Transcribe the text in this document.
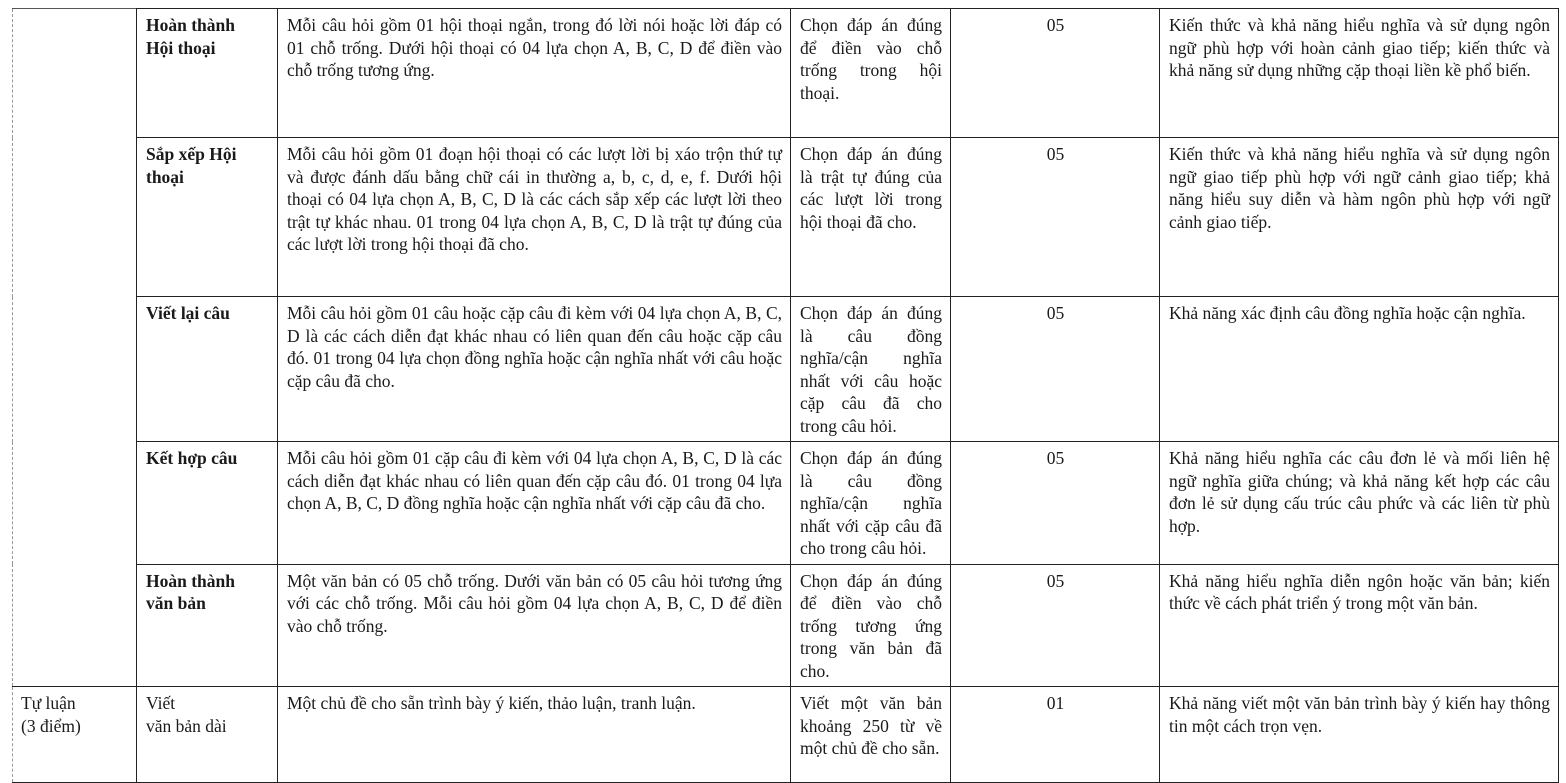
	Hoàn thành
Hội thoại	Mỗi câu hỏi gồm 01 hội thoại ngắn, trong đó lời nói hoặc lời đáp có 01 chỗ trống. Dưới hội thoại có 04 lựa chọn A, B, C, D để điền vào chỗ trống tương ứng.	Chọn đáp án đúng để điền vào chỗ trống trong hội thoại.	05	Kiến thức và khả năng hiểu nghĩa và sử dụng ngôn ngữ phù hợp với hoàn cảnh giao tiếp; kiến thức và khả năng sử dụng những cặp thoại liền kề phổ biến.

	Sắp xếp Hội
thoại	Mỗi câu hỏi gồm 01 đoạn hội thoại có các lượt lời bị xáo trộn thứ tự và được đánh dấu bằng chữ cái in thường a, b, c, d, e, f. Dưới hội thoại có 04 lựa chọn A, B, C, D là các cách sắp xếp các lượt lời theo trật tự khác nhau. 01 trong 04 lựa chọn A, B, C, D là trật tự đúng của các lượt lời trong hội thoại đã cho.	Chọn đáp án đúng là trật tự đúng của các lượt lời trong hội thoại đã cho.	05	Kiến thức và khả năng hiểu nghĩa và sử dụng ngôn ngữ giao tiếp phù hợp với ngữ cảnh giao tiếp; khả năng hiểu suy diễn và hàm ngôn phù hợp với ngữ cảnh giao tiếp.

	Viết lại câu	Mỗi câu hỏi gồm 01 câu hoặc cặp câu đi kèm với 04 lựa chọn A, B, C, D là các cách diễn đạt khác nhau có liên quan đến câu hoặc cặp câu đó. 01 trong 04 lựa chọn đồng nghĩa hoặc cận nghĩa nhất với câu hoặc cặp câu đã cho.	Chọn đáp án đúng là câu đồng nghĩa/cận nghĩa nhất với câu hoặc cặp câu đã cho trong câu hỏi.	05	Khả năng xác định câu đồng nghĩa hoặc cận nghĩa.

	Kết hợp câu	Mỗi câu hỏi gồm 01 cặp câu đi kèm với 04 lựa chọn A, B, C, D là các cách diễn đạt khác nhau có liên quan đến cặp câu đó. 01 trong 04 lựa chọn A, B, C, D đồng nghĩa hoặc cận nghĩa nhất với cặp câu đã cho.	Chọn đáp án đúng là câu đồng nghĩa/cận nghĩa nhất với cặp câu đã cho trong câu hỏi.	05	Khả năng hiểu nghĩa các câu đơn lẻ và mối liên hệ ngữ nghĩa giữa chúng; và khả năng kết hợp các câu đơn lẻ sử dụng cấu trúc câu phức và các liên từ phù hợp.

	Hoàn thành
văn bản	Một văn bản có 05 chỗ trống. Dưới văn bản có 05 câu hỏi tương ứng với các chỗ trống. Mỗi câu hỏi gồm 04 lựa chọn A, B, C, D để điền vào chỗ trống.	Chọn đáp án đúng để điền vào chỗ trống tương ứng trong văn bản đã cho.	05	Khả năng hiểu nghĩa diễn ngôn hoặc văn bản; kiến thức về cách phát triển ý trong một văn bản.

Tự luận
(3 điểm)	Viết
văn bản dài	Một chủ đề cho sẵn trình bày ý kiến, thảo luận, tranh luận.	Viết một văn bản khoảng 250 từ về một chủ đề cho sẵn.	01	Khả năng viết một văn bản trình bày ý kiến hay thông tin một cách trọn vẹn.
